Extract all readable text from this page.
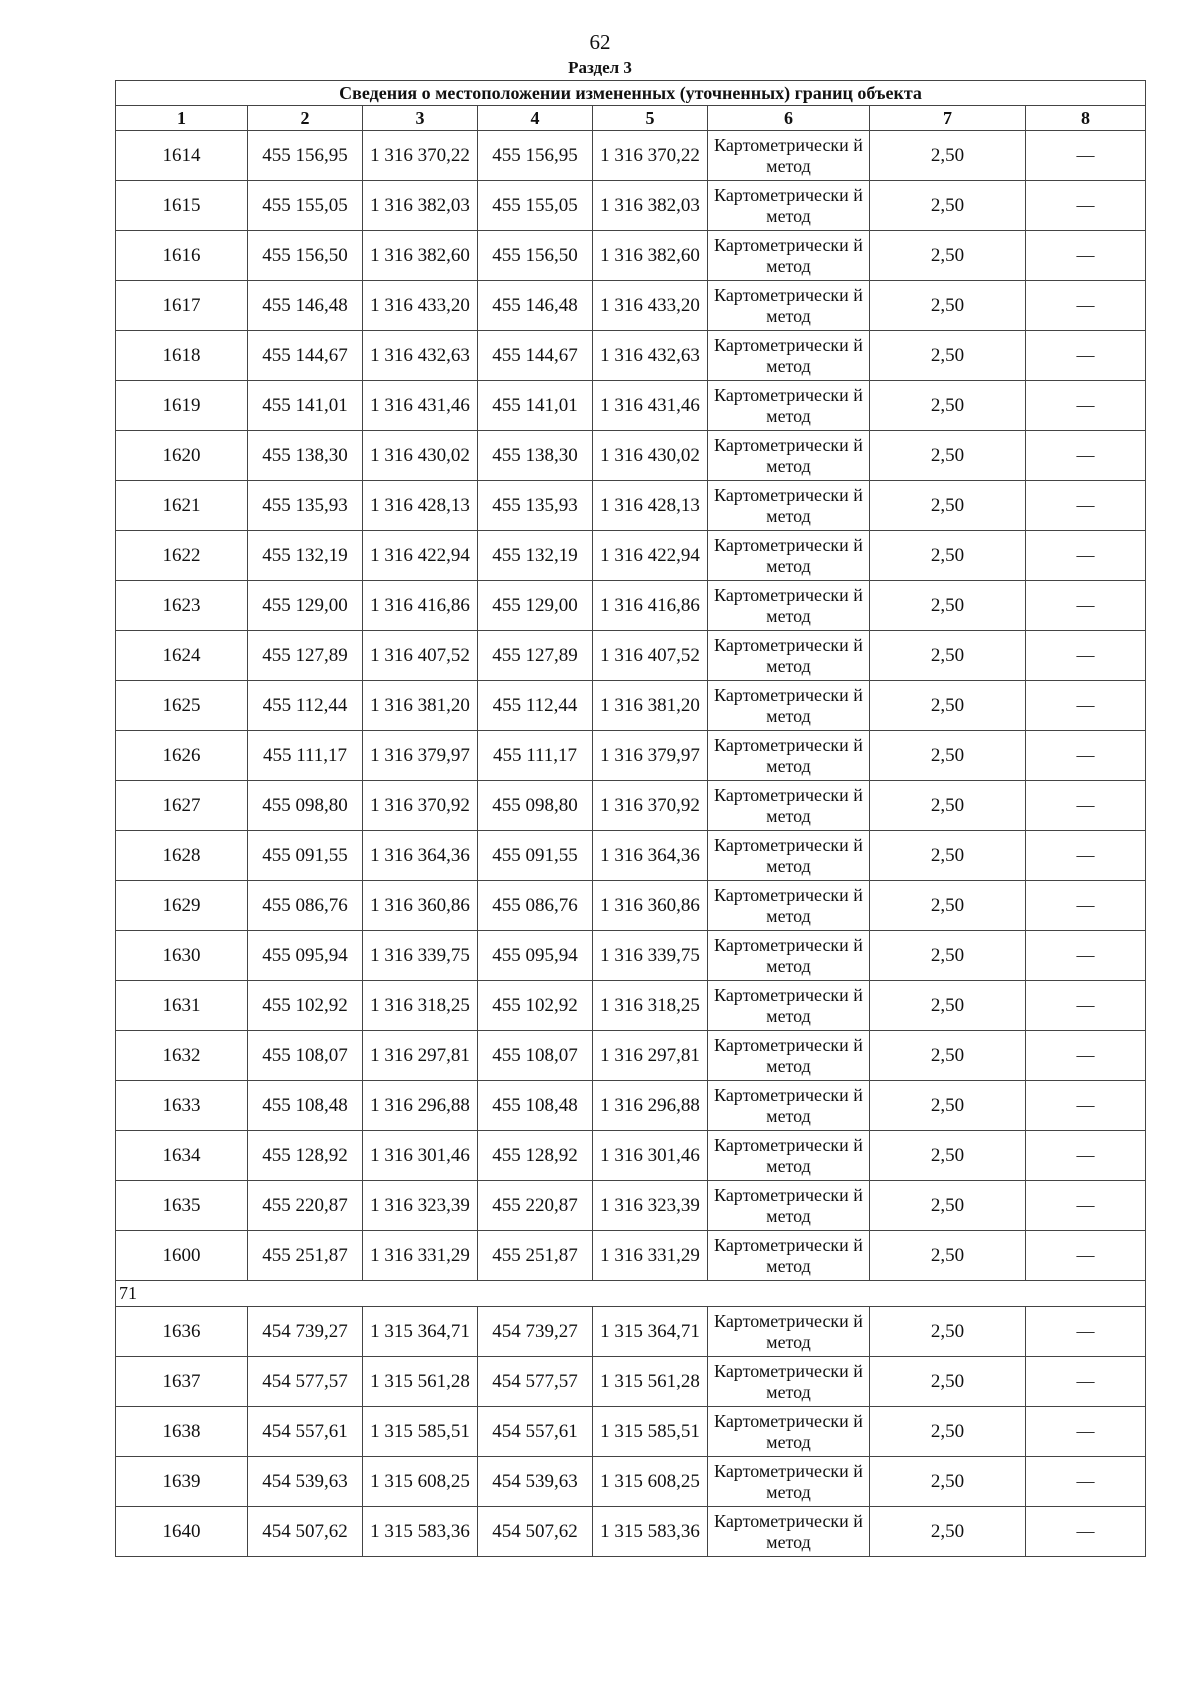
62
Раздел 3
Сведения о местоположении измененных (уточненных) границ объекта							
1	2	3	4	5	6	7	8
1614	455 156,95	1 316 370,22	455 156,95	1 316 370,22	Картометрически й метод	2,50	—
1615	455 155,05	1 316 382,03	455 155,05	1 316 382,03	Картометрически й метод	2,50	—
1616	455 156,50	1 316 382,60	455 156,50	1 316 382,60	Картометрически й метод	2,50	—
1617	455 146,48	1 316 433,20	455 146,48	1 316 433,20	Картометрически й метод	2,50	—
1618	455 144,67	1 316 432,63	455 144,67	1 316 432,63	Картометрически й метод	2,50	—
1619	455 141,01	1 316 431,46	455 141,01	1 316 431,46	Картометрически й метод	2,50	—
1620	455 138,30	1 316 430,02	455 138,30	1 316 430,02	Картометрически й метод	2,50	—
1621	455 135,93	1 316 428,13	455 135,93	1 316 428,13	Картометрически й метод	2,50	—
1622	455 132,19	1 316 422,94	455 132,19	1 316 422,94	Картометрически й метод	2,50	—
1623	455 129,00	1 316 416,86	455 129,00	1 316 416,86	Картометрически й метод	2,50	—
1624	455 127,89	1 316 407,52	455 127,89	1 316 407,52	Картометрически й метод	2,50	—
1625	455 112,44	1 316 381,20	455 112,44	1 316 381,20	Картометрически й метод	2,50	—
1626	455 111,17	1 316 379,97	455 111,17	1 316 379,97	Картометрически й метод	2,50	—
1627	455 098,80	1 316 370,92	455 098,80	1 316 370,92	Картометрически й метод	2,50	—
1628	455 091,55	1 316 364,36	455 091,55	1 316 364,36	Картометрически й метод	2,50	—
1629	455 086,76	1 316 360,86	455 086,76	1 316 360,86	Картометрически й метод	2,50	—
1630	455 095,94	1 316 339,75	455 095,94	1 316 339,75	Картометрически й метод	2,50	—
1631	455 102,92	1 316 318,25	455 102,92	1 316 318,25	Картометрически й метод	2,50	—
1632	455 108,07	1 316 297,81	455 108,07	1 316 297,81	Картометрически й метод	2,50	—
1633	455 108,48	1 316 296,88	455 108,48	1 316 296,88	Картометрически й метод	2,50	—
1634	455 128,92	1 316 301,46	455 128,92	1 316 301,46	Картометрически й метод	2,50	—
1635	455 220,87	1 316 323,39	455 220,87	1 316 323,39	Картометрически й метод	2,50	—
1600	455 251,87	1 316 331,29	455 251,87	1 316 331,29	Картометрически й метод	2,50	—
71							
1636	454 739,27	1 315 364,71	454 739,27	1 315 364,71	Картометрически й метод	2,50	—
1637	454 577,57	1 315 561,28	454 577,57	1 315 561,28	Картометрически й метод	2,50	—
1638	454 557,61	1 315 585,51	454 557,61	1 315 585,51	Картометрически й метод	2,50	—
1639	454 539,63	1 315 608,25	454 539,63	1 315 608,25	Картометрически й метод	2,50	—
1640	454 507,62	1 315 583,36	454 507,62	1 315 583,36	Картометрически й метод	2,50	—
